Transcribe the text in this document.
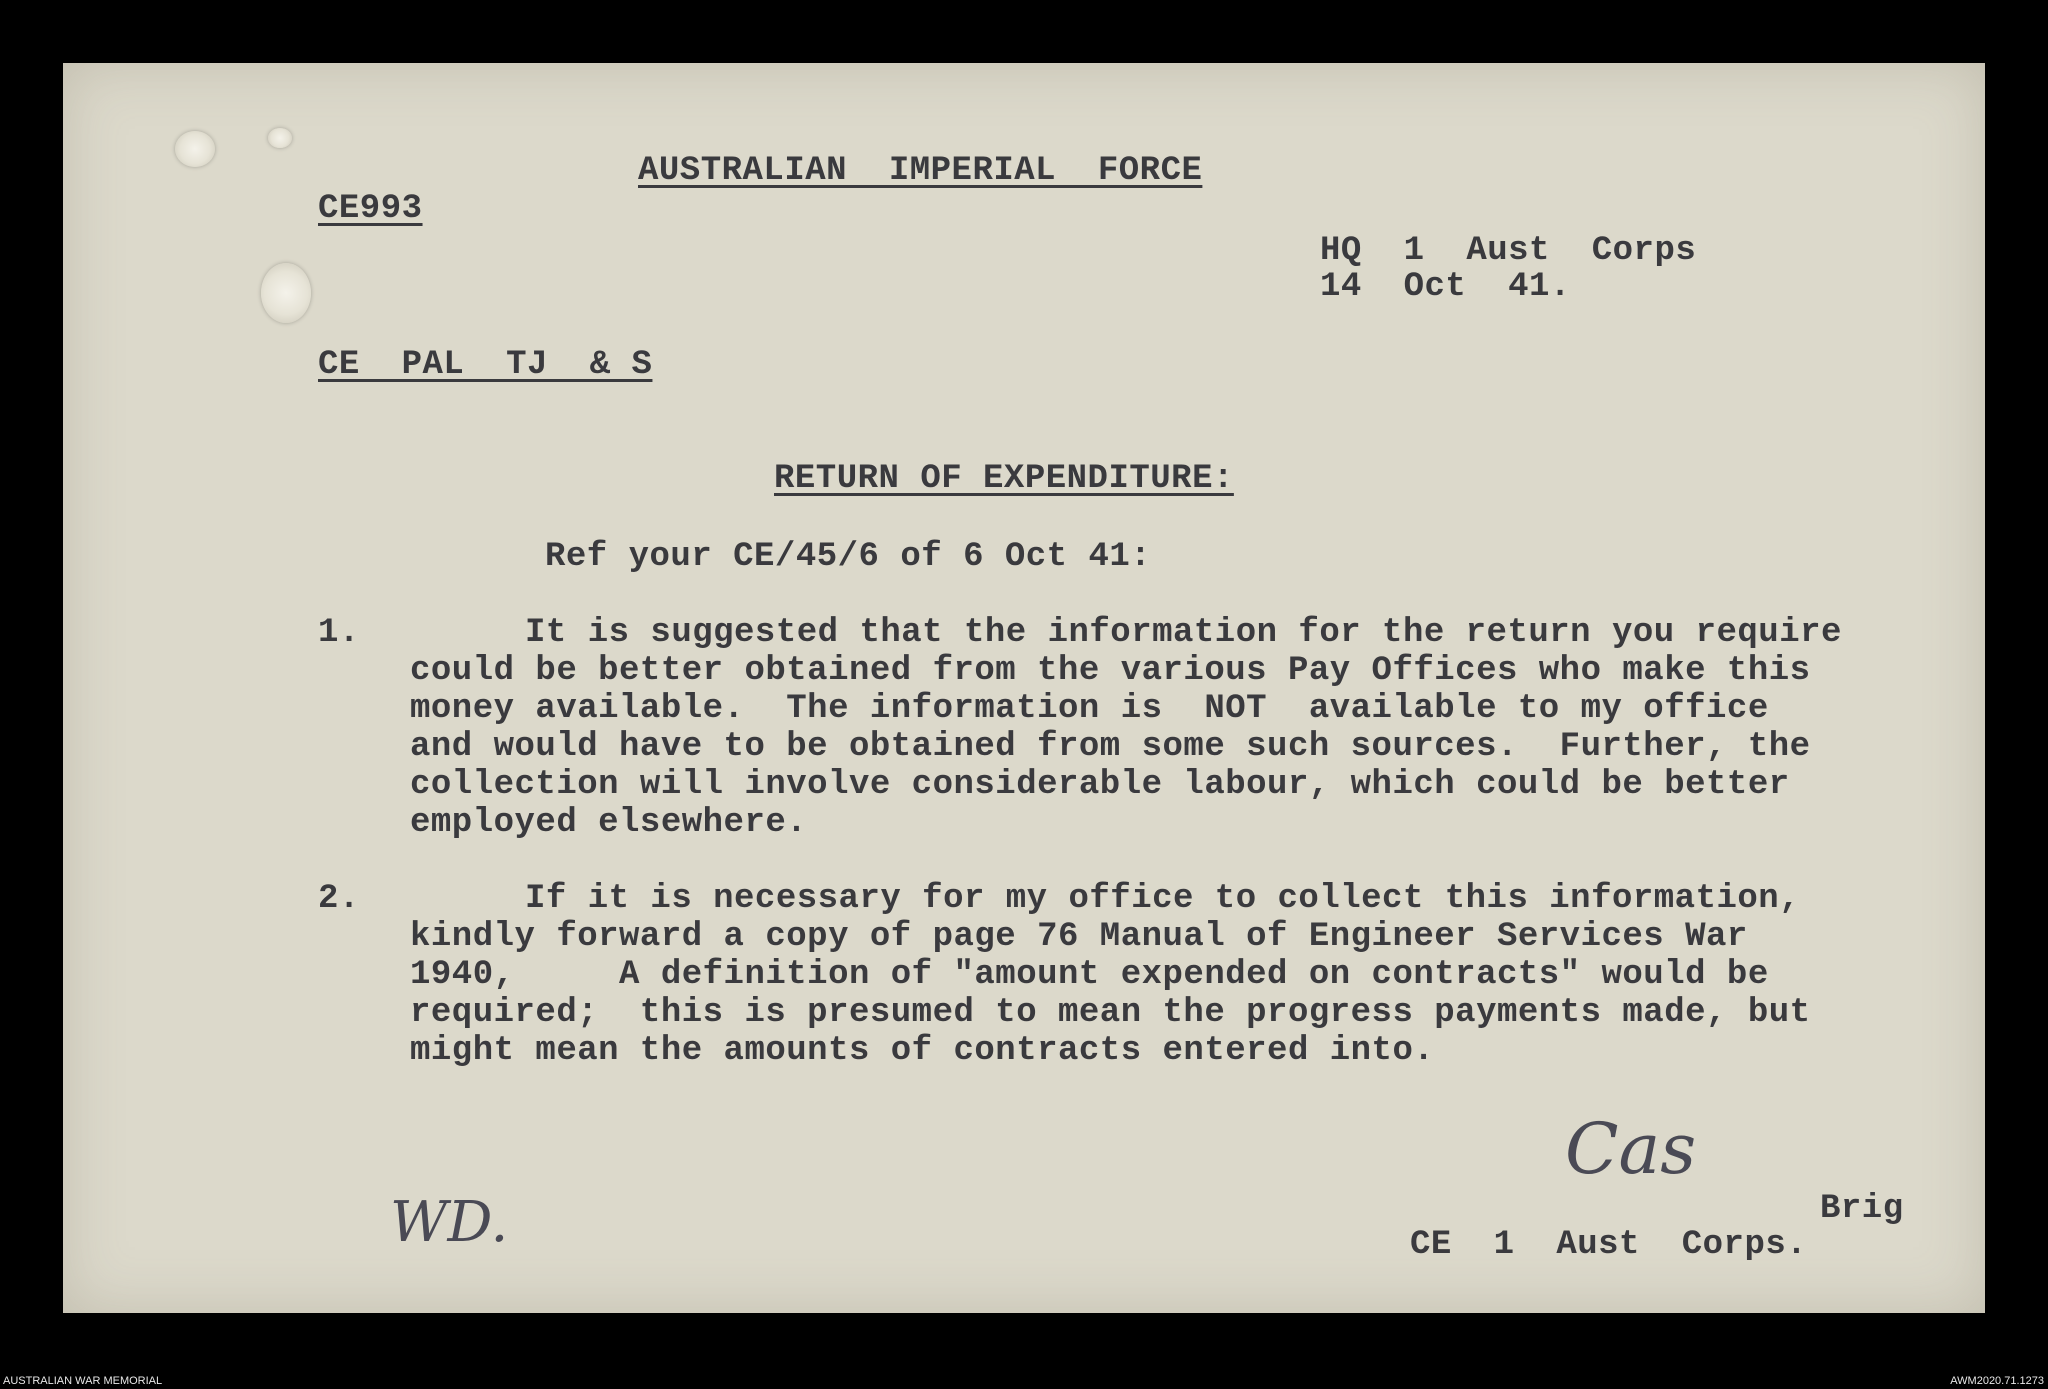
AUSTRALIAN  IMPERIAL  FORCE
CE993
HQ  1  Aust  Corps
14  Oct  41.
CE  PAL  TJ  & S
RETURN OF EXPENDITURE:
Ref your CE/45/6 of 6 Oct 41:
1.	It is suggested that the information for the return you require
could be better obtained from the various Pay Offices who make this
money available.  The information is  NOT  available to my office
and would have to be obtained from some such sources.  Further, the
collection will involve considerable labour, which could be better
employed elsewhere.
2.	If it is necessary for my office to collect this information,
kindly forward a copy of page 76 Manual of Engineer Services War
1940,     A definition of "amount expended on contracts" would be
required;  this is presumed to mean the progress payments made, but
might mean the amounts of contracts entered into.
Cas
Brig
CE  1  Aust  Corps.
WD.
AUSTRALIAN WAR MEMORIAL	AWM2020.71.1273
